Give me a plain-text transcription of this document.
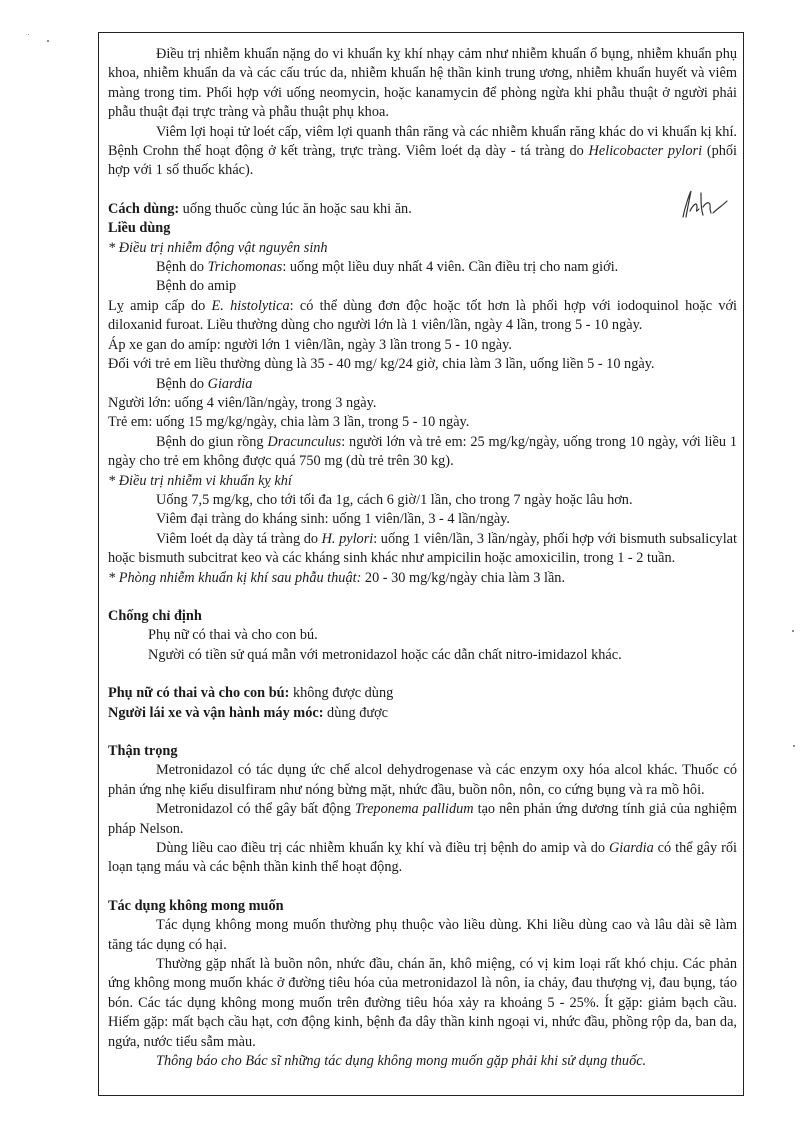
Điều trị nhiễm khuẩn nặng do vi khuẩn kỵ khí nhạy cảm như nhiễm khuẩn ổ bụng, nhiễm khuẩn phụ khoa, nhiễm khuẩn da và các cấu trúc da, nhiễm khuẩn hệ thần kinh trung ương, nhiễm khuẩn huyết và viêm màng trong tim. Phối hợp với uống neomycin, hoặc kanamycin để phòng ngừa khi phẫu thuật ở người phải phẫu thuật đại trực tràng và phẫu thuật phụ khoa.

Viêm lợi hoại tử loét cấp, viêm lợi quanh thân răng và các nhiễm khuẩn răng khác do vi khuẩn kị khí. Bệnh Crohn thể hoạt động ở kết tràng, trực tràng. Viêm loét dạ dày - tá tràng do Helicobacter pylori (phối hợp với 1 số thuốc khác).

Cách dùng: uống thuốc cùng lúc ăn hoặc sau khi ăn.

Liều dùng

* Điều trị nhiễm động vật nguyên sinh

Bệnh do Trichomonas: uống một liều duy nhất 4 viên. Cần điều trị cho nam giới.

Bệnh do amip

Lỵ amip cấp do E. histolytica: có thể dùng đơn độc hoặc tốt hơn là phối hợp với iodoquinol hoặc với diloxanid furoat. Liều thường dùng cho người lớn là 1 viên/lần, ngày 4 lần, trong 5 - 10 ngày.

Áp xe gan do amíp: người lớn 1 viên/lần, ngày 3 lần trong 5 - 10 ngày.

Đối với trẻ em liều thường dùng là 35 - 40 mg/ kg/24 giờ, chia làm 3 lần, uống liền 5 - 10 ngày.

Bệnh do Giardia

Người lớn: uống 4 viên/lần/ngày, trong 3 ngày.

Trẻ em: uống 15 mg/kg/ngày, chia làm 3 lần, trong 5 - 10 ngày.

Bệnh do giun rồng Dracunculus: người lớn và trẻ em: 25 mg/kg/ngày, uống trong 10 ngày, với liều 1 ngày cho trẻ em không được quá 750 mg (dù trẻ trên 30 kg).

* Điều trị nhiễm vi khuẩn kỵ khí

Uống 7,5 mg/kg, cho tới tối đa 1g, cách 6 giờ/1 lần, cho trong 7 ngày hoặc lâu hơn.

Viêm đại tràng do kháng sinh: uống 1 viên/lần, 3 - 4 lần/ngày.

Viêm loét dạ dày tá tràng do H. pylori: uống 1 viên/lần, 3 lần/ngày, phối hợp với bismuth subsalicylat hoặc bismuth subcitrat keo và các kháng sinh khác như ampicilin hoặc amoxicilin, trong 1 - 2 tuần.

* Phòng nhiễm khuẩn kị khí sau phẫu thuật: 20 - 30 mg/kg/ngày chia làm 3 lần.

Chống chỉ định

Phụ nữ có thai và cho con bú.

Người có tiền sử quá mẫn với metronidazol hoặc các dẫn chất nitro-imidazol khác.

Phụ nữ có thai và cho con bú: không được dùng

Người lái xe và vận hành máy móc: dùng được

Thận trọng

Metronidazol có tác dụng ức chế alcol dehydrogenase và các enzym oxy hóa alcol khác. Thuốc có phản ứng nhẹ kiểu disulfiram như nóng bừng mặt, nhức đầu, buồn nôn, nôn, co cứng bụng và ra mồ hôi.

Metronidazol có thể gây bất động Treponema pallidum tạo nên phản ứng dương tính giả của nghiệm pháp Nelson.

Dùng liều cao điều trị các nhiễm khuẩn kỵ khí và điều trị bệnh do amip và do Giardia có thể gây rối loạn tạng máu và các bệnh thần kinh thể hoạt động.

Tác dụng không mong muốn

Tác dụng không mong muốn thường phụ thuộc vào liều dùng. Khi liều dùng cao và lâu dài sẽ làm tăng tác dụng có hại.

Thường gặp nhất là buồn nôn, nhức đầu, chán ăn, khô miệng, có vị kim loại rất khó chịu. Các phản ứng không mong muốn khác ở đường tiêu hóa của metronidazol là nôn, ỉa chảy, đau thượng vị, đau bụng, táo bón. Các tác dụng không mong muốn trên đường tiêu hóa xảy ra khoảng 5 - 25%. Ít gặp: giảm bạch cầu. Hiếm gặp: mất bạch cầu hạt, cơn động kinh, bệnh đa dây thần kinh ngoại vi, nhức đầu, phồng rộp da, ban da, ngứa, nước tiểu sẫm màu.

Thông báo cho Bác sĩ những tác dụng không mong muốn gặp phải khi sử dụng thuốc.
